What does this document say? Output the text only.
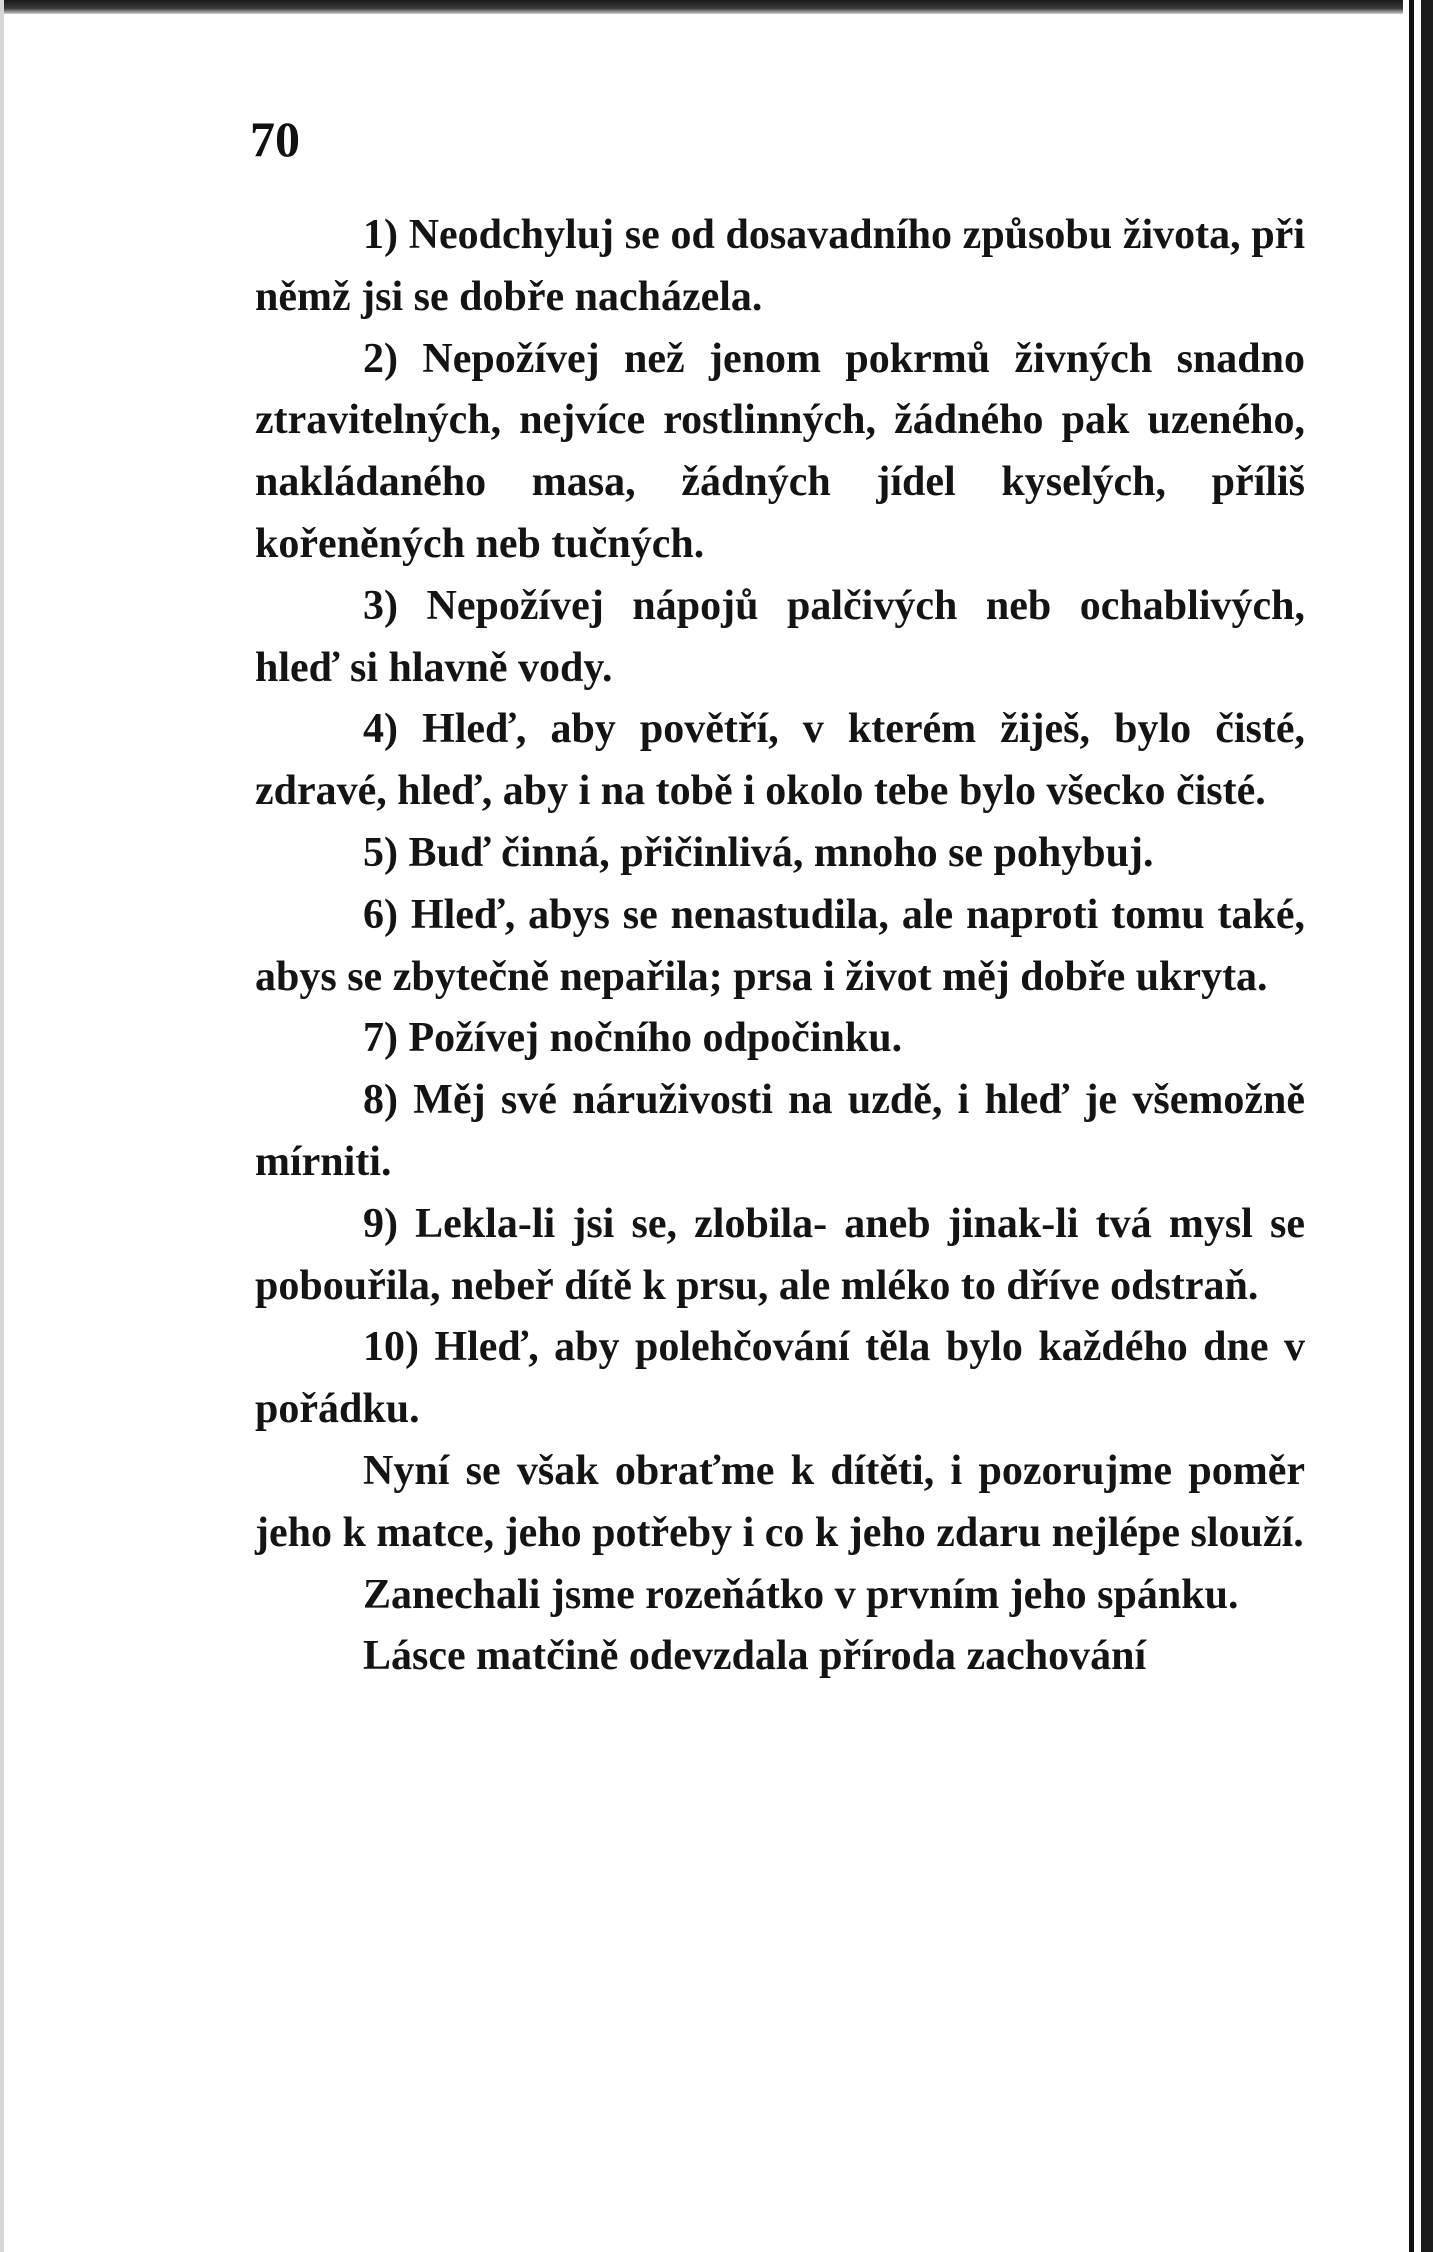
70

1) Neodchyluj se od dosavadního způsobu života, při němž jsi se dobře nacházela.

2) Nepožívej než jenom pokrmů živných snadno ztravitelných, nejvíce rostlinných, žádného pak uzeného, nakládaného masa, žádných jídel kyselých, příliš kořeněných neb tučných.

3) Nepožívej nápojů palčivých neb ochablivých, hleď si hlavně vody.

4) Hleď, aby povětří, v kterém žiješ, bylo čisté, zdravé, hleď, aby i na tobě i okolo tebe bylo všecko čisté.

5) Buď činná, přičinlivá, mnoho se pohybuj.

6) Hleď, abys se nenastudila, ale naproti tomu také, abys se zbytečně nepařila; prsa i život měj dobře ukryta.

7) Požívej nočního odpočinku.

8) Měj své náruživosti na uzdě, i hleď je všemožně mírniti.

9) Lekla-li jsi se, zlobila- aneb jinak-li tvá mysl se pobouřila, nebeř dítě k prsu, ale mléko to dříve odstraň.

10) Hleď, aby polehčování těla bylo každého dne v pořádku.

Nyní se však obraťme k dítěti, i pozorujme poměr jeho k matce, jeho potřeby i co k jeho zdaru nejlépe slouží.

Zanechali jsme rozeňátko v prvním jeho spánku.

Lásce matčině odevzdala příroda zachování
